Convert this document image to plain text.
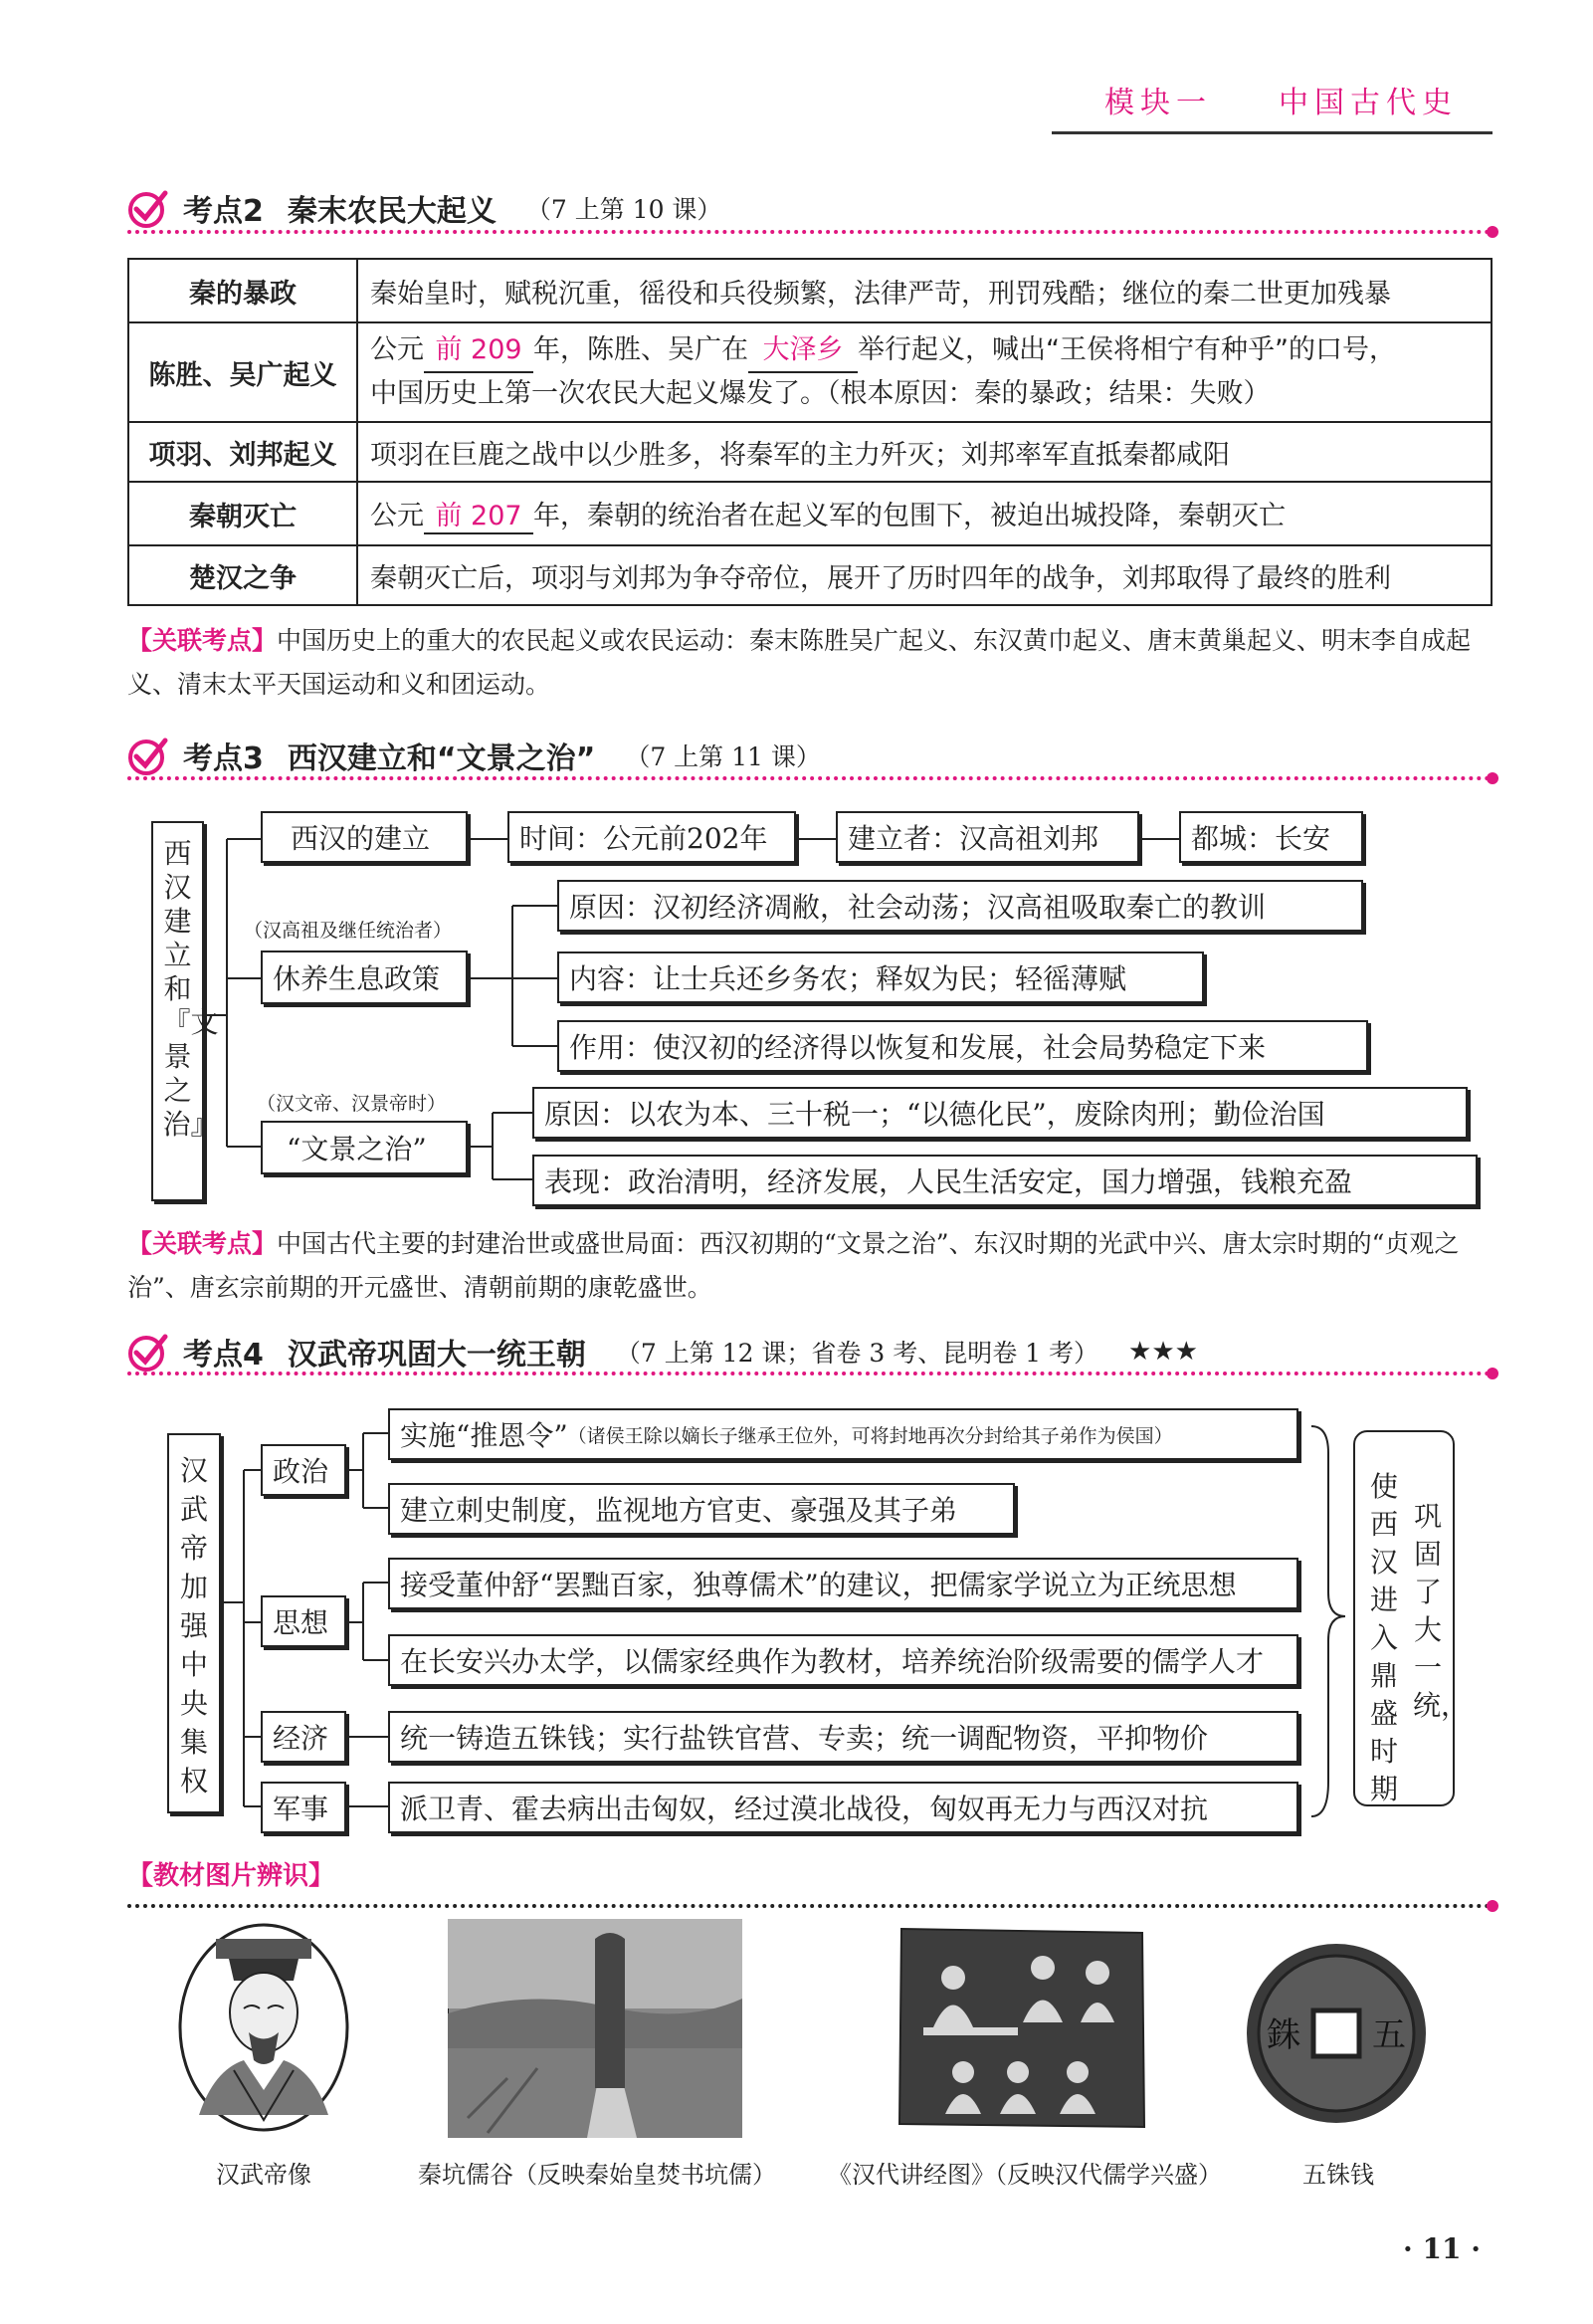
模块一 中国古代史
考点2 秦末农民大起义 （7 上第 10 课）
秦的暴政	秦始皇时，赋税沉重，徭役和兵役频繁，法律严苛，刑罚残酷；继位的秦二世更加残暴
陈胜、吴广起义	公元 前 209 年，陈胜、吴广在 大泽乡 举行起义，喊出“王侯将相宁有种乎”的口号，
中国历史上第一次农民大起义爆发了。（根本原因：秦的暴政；结果：失败）
项羽、刘邦起义	项羽在巨鹿之战中以少胜多，将秦军的主力歼灭；刘邦率军直抵秦都咸阳
秦朝灭亡	公元 前 207 年，秦朝的统治者在起义军的包围下，被迫出城投降，秦朝灭亡
楚汉之争	秦朝灭亡后，项羽与刘邦为争夺帝位，展开了历时四年的战争，刘邦取得了最终的胜利
【关联考点】中国历史上的重大的农民起义或农民运动：秦末陈胜吴广起义、东汉黄巾起义、唐末黄巢起义、明末李自成起义、清末太平天国运动和义和团运动。
考点3 西汉建立和“文景之治” （7 上第 11 课）
西汉建立和『文景之治』
西汉的建立	时间：公元前202年	建立者：汉高祖刘邦	都城：长安
（汉高祖及继任统治者）
休养生息政策
原因：汉初经济凋敝，社会动荡；汉高祖吸取秦亡的教训
内容：让士兵还乡务农；释奴为民；轻徭薄赋
作用：使汉初的经济得以恢复和发展，社会局势稳定下来
（汉文帝、汉景帝时）
“文景之治”
原因：以农为本、三十税一；“以德化民”，废除肉刑；勤俭治国
表现：政治清明，经济发展，人民生活安定，国力增强，钱粮充盈
【关联考点】中国古代主要的封建治世或盛世局面：西汉初期的“文景之治”、东汉时期的光武中兴、唐太宗时期的“贞观之治”、唐玄宗前期的开元盛世、清朝前期的康乾盛世。
考点4 汉武帝巩固大一统王朝 （7 上第 12 课；省卷 3 考、昆明卷 1 考） ★★★
汉武帝加强中央集权
政治
实施“推恩令” （诸侯王除以嫡长子继承王位外，可将封地再次分封给其子弟作为侯国）
建立刺史制度，监视地方官吏、豪强及其子弟
思想
接受董仲舒“罢黜百家，独尊儒术”的建议，把儒家学说立为正统思想
在长安兴办太学，以儒家经典作为教材，培养统治阶级需要的儒学人才
经济	统一铸造五铢钱；实行盐铁官营、专卖；统一调配物资，平抑物价
军事	派卫青、霍去病出击匈奴，经过漠北战役，匈奴再无力与西汉对抗
使西汉进入鼎盛时期
巩固了大一统，
【教材图片辨识】
汉武帝像	秦坑儒谷（反映秦始皇焚书坑儒）	《汉代讲经图》（反映汉代儒学兴盛）
銖 五
五铢钱
· 11 ·
